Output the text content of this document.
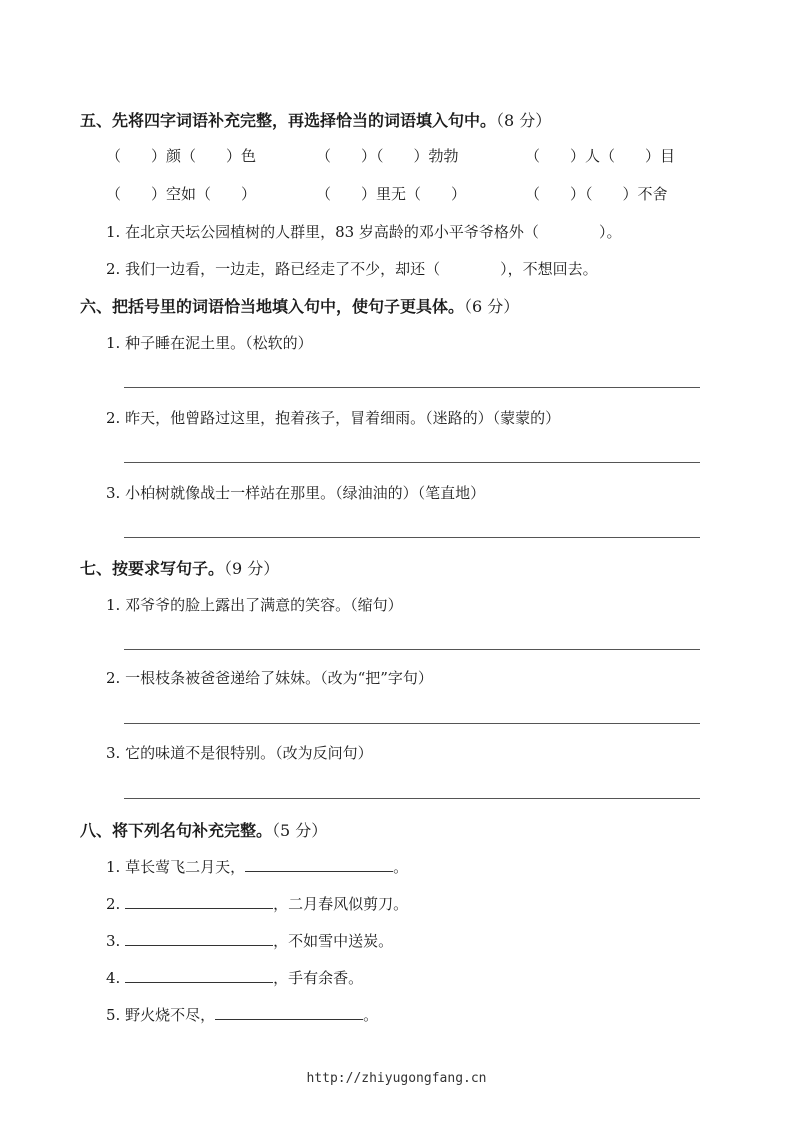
五、先将四字词语补充完整，再选择恰当的词语填入句中。（8 分）
（　　）颜（　　）色	（　　）（　　）勃勃	（　　）人（　　）目
（　　）空如（　　）	（　　）里无（　　）	（　　）（　　）不舍
1. 在北京天坛公园植树的人群里，83 岁高龄的邓小平爷爷格外（　　　　）。
2. 我们一边看，一边走，路已经走了不少，却还（　　　　），不想回去。
六、把括号里的词语恰当地填入句中，使句子更具体。（6 分）
1. 种子睡在泥土里。（松软的）
2. 昨天，他曾路过这里，抱着孩子，冒着细雨。（迷路的）（蒙蒙的）
3. 小柏树就像战士一样站在那里。（绿油油的）（笔直地）
七、按要求写句子。（9 分）
1. 邓爷爷的脸上露出了满意的笑容。（缩句）
2. 一根枝条被爸爸递给了妹妹。（改为“把”字句）
3. 它的味道不是很特别。（改为反问句）
八、将下列名句补充完整。（5 分）
1. 草长莺飞二月天，	。
2.	，二月春风似剪刀。
3.	，不如雪中送炭。
4.	，手有余香。
5. 野火烧不尽，	。
http://zhiyugongfang.cn
